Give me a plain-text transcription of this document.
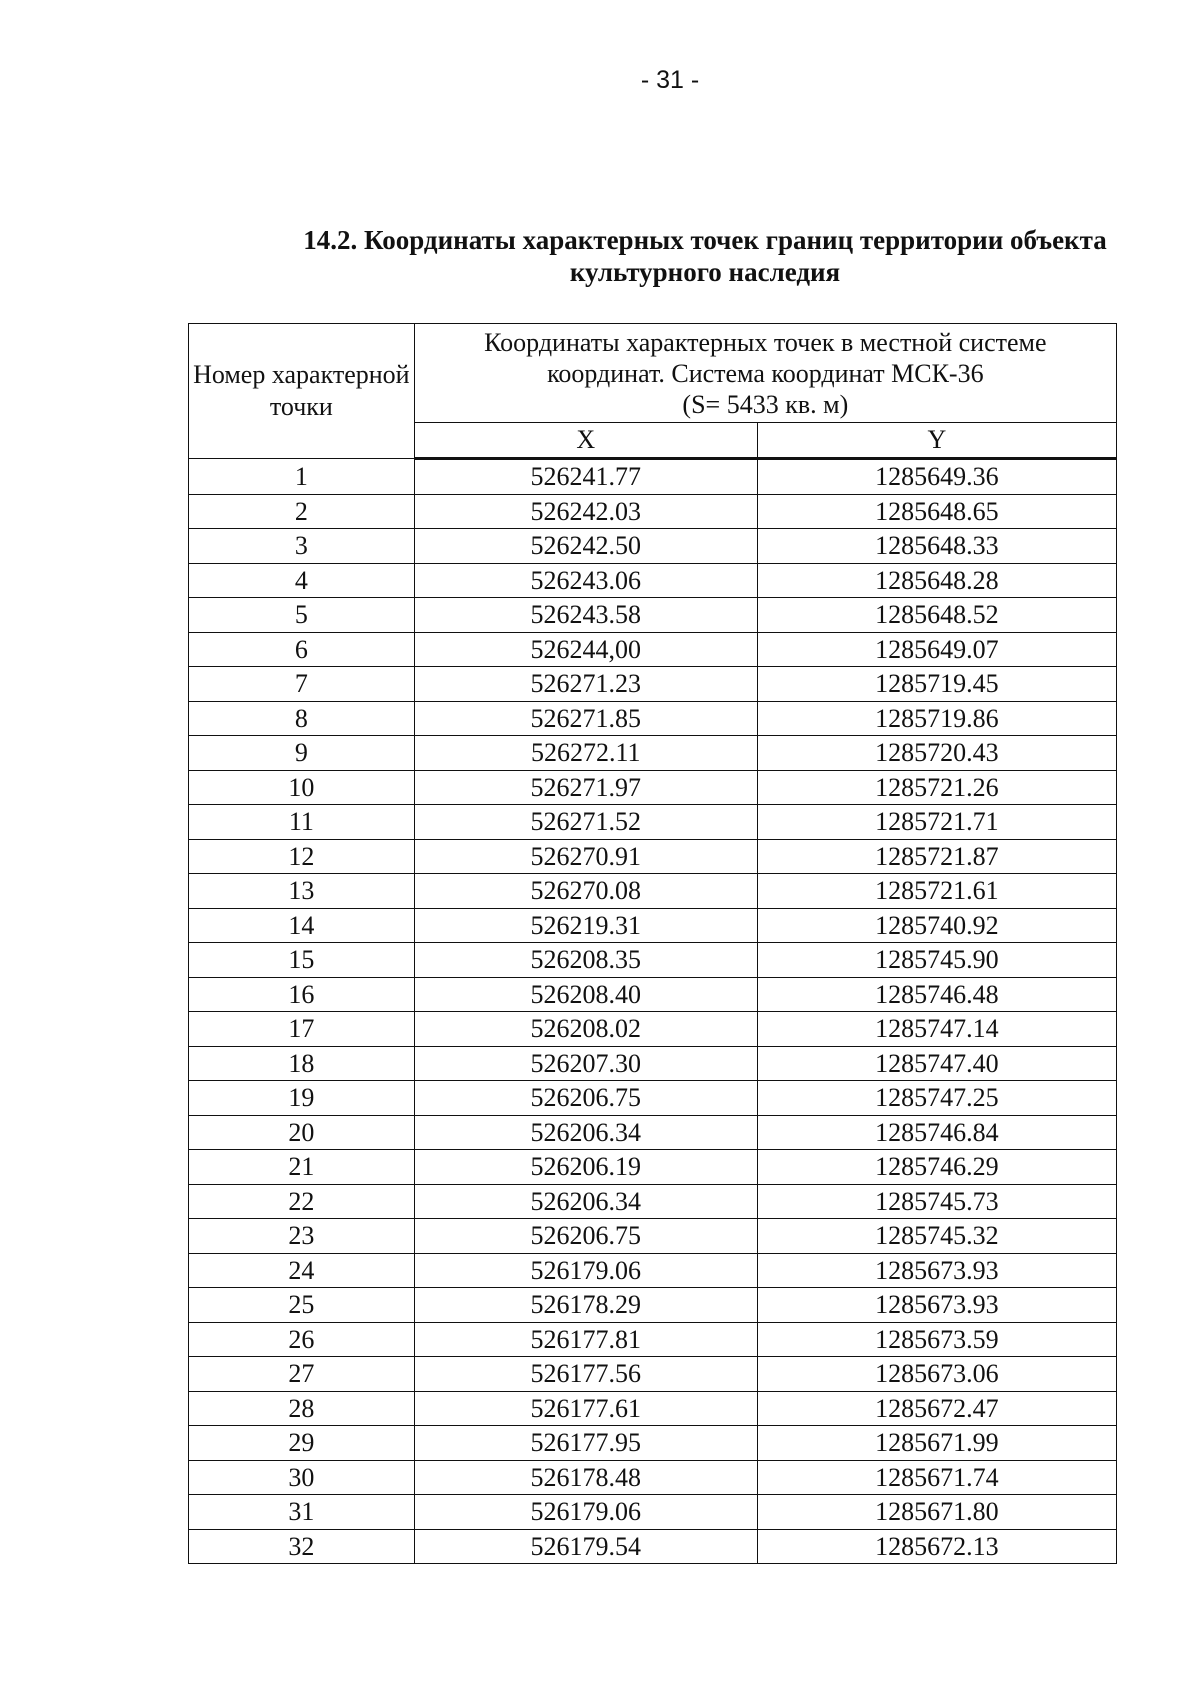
- 31 -
14.2. Координаты характерных точек границ территории объекта
культурного наследия
Номер характерной точки	Координаты характерных точек в местной системе
координат. Система координат МСК-36
(S= 5433 кв. м)	
	X	Y
1	526241.77	1285649.36
2	526242.03	1285648.65
3	526242.50	1285648.33
4	526243.06	1285648.28
5	526243.58	1285648.52
6	526244,00	1285649.07
7	526271.23	1285719.45
8	526271.85	1285719.86
9	526272.11	1285720.43
10	526271.97	1285721.26
11	526271.52	1285721.71
12	526270.91	1285721.87
13	526270.08	1285721.61
14	526219.31	1285740.92
15	526208.35	1285745.90
16	526208.40	1285746.48
17	526208.02	1285747.14
18	526207.30	1285747.40
19	526206.75	1285747.25
20	526206.34	1285746.84
21	526206.19	1285746.29
22	526206.34	1285745.73
23	526206.75	1285745.32
24	526179.06	1285673.93
25	526178.29	1285673.93
26	526177.81	1285673.59
27	526177.56	1285673.06
28	526177.61	1285672.47
29	526177.95	1285671.99
30	526178.48	1285671.74
31	526179.06	1285671.80
32	526179.54	1285672.13
